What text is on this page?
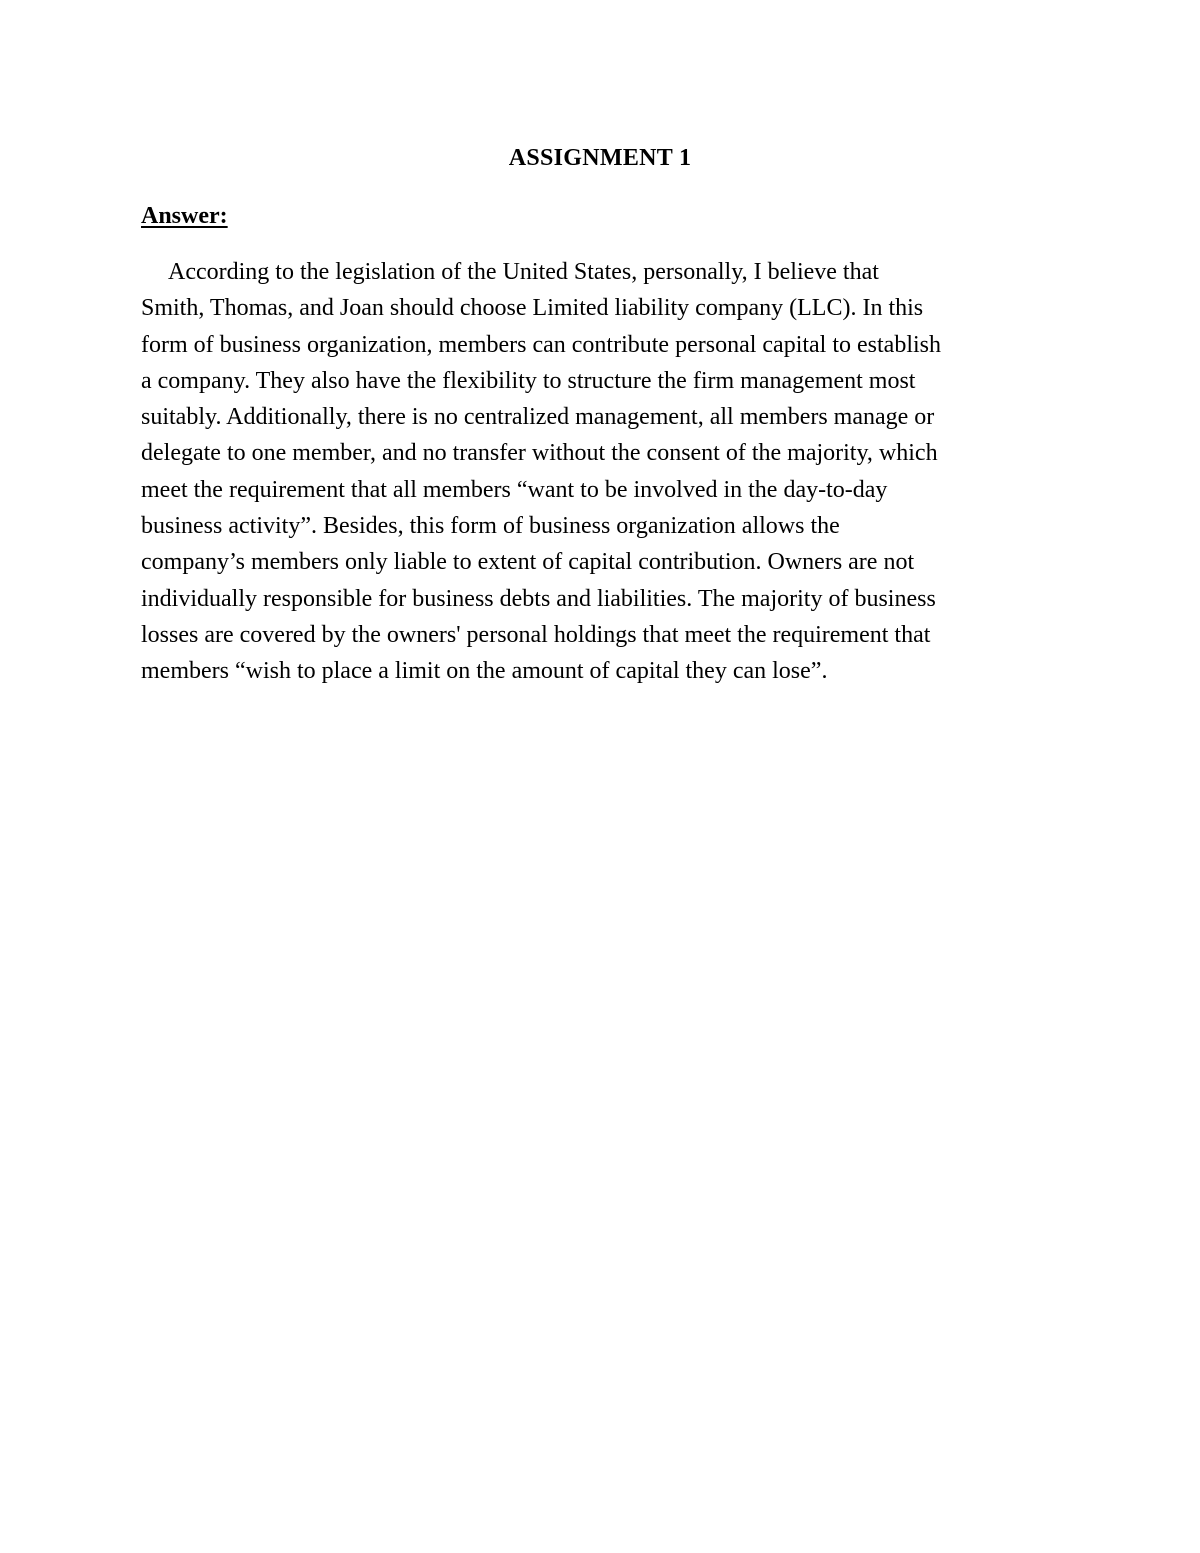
ASSIGNMENT 1
Answer:
According to the legislation of the United States, personally, I believe that
Smith, Thomas, and Joan should choose Limited liability company (LLC). In this
form of business organization, members can contribute personal capital to establish
a company. They also have the flexibility to structure the firm management most
suitably. Additionally, there is no centralized management, all members manage or
delegate to one member, and no transfer without the consent of the majority, which
meet the requirement that all members “want to be involved in the day-to-day
business activity”. Besides, this form of business organization allows the
company’s members only liable to extent of capital contribution. Owners are not
individually responsible for business debts and liabilities. The majority of business
losses are covered by the owners' personal holdings that meet the requirement that
members “wish to place a limit on the amount of capital they can lose”.
